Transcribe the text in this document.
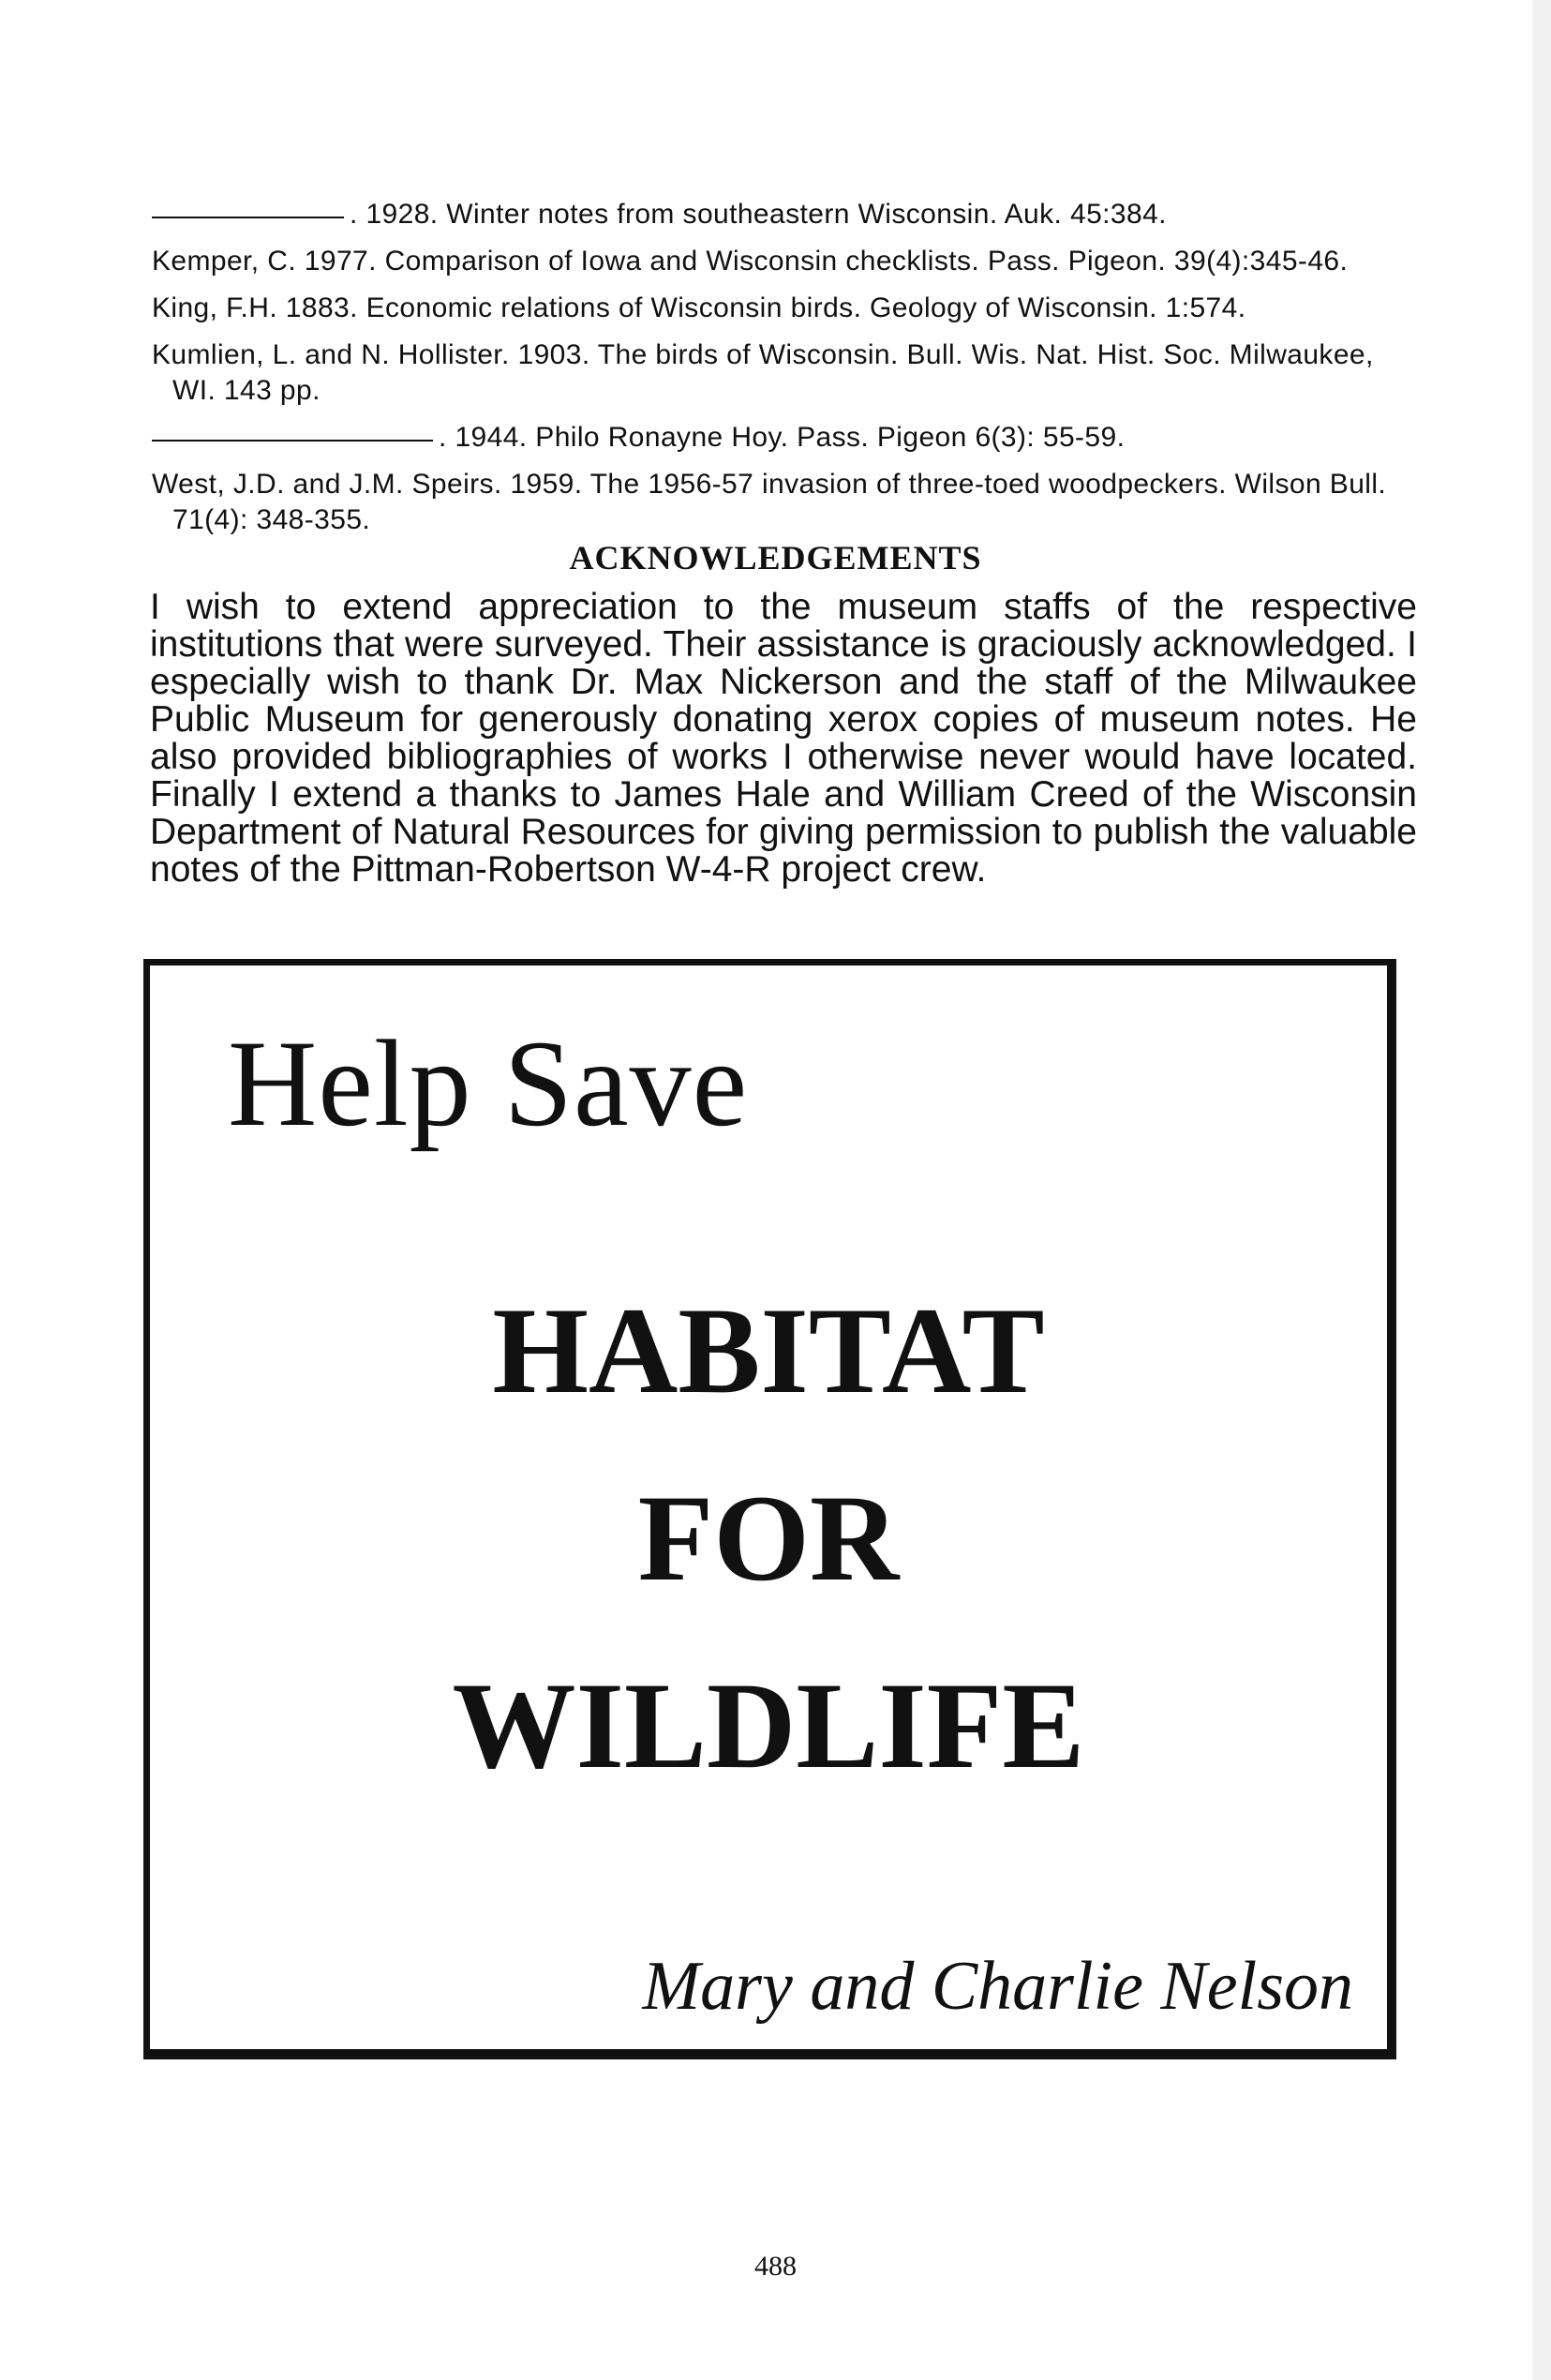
. 1928. Winter notes from southeastern Wisconsin. Auk. 45:384.

Kemper, C. 1977. Comparison of Iowa and Wisconsin checklists. Pass. Pigeon. 39(4):345-46.

King, F.H. 1883. Economic relations of Wisconsin birds. Geology of Wisconsin. 1:574.

Kumlien, L. and N. Hollister. 1903. The birds of Wisconsin. Bull. Wis. Nat. Hist. Soc. Milwaukee, WI. 143 pp.

. 1944. Philo Ronayne Hoy. Pass. Pigeon 6(3): 55-59.

West, J.D. and J.M. Speirs. 1959. The 1956-57 invasion of three-toed woodpeckers. Wilson Bull. 71(4): 348-355.

ACKNOWLEDGEMENTS

I wish to extend appreciation to the museum staffs of the respective institutions that were surveyed. Their assistance is graciously acknowledged. I especially wish to thank Dr. Max Nickerson and the staff of the Milwaukee Public Museum for generously donating xerox copies of museum notes. He also provided bibliographies of works I otherwise never would have located. Finally I extend a thanks to James Hale and William Creed of the Wisconsin Department of Natural Resources for giving permission to publish the valuable notes of the Pittman-Robertson W-4-R project crew.

Help Save

HABITAT

FOR

WILDLIFE

Mary and Charlie Nelson

488
